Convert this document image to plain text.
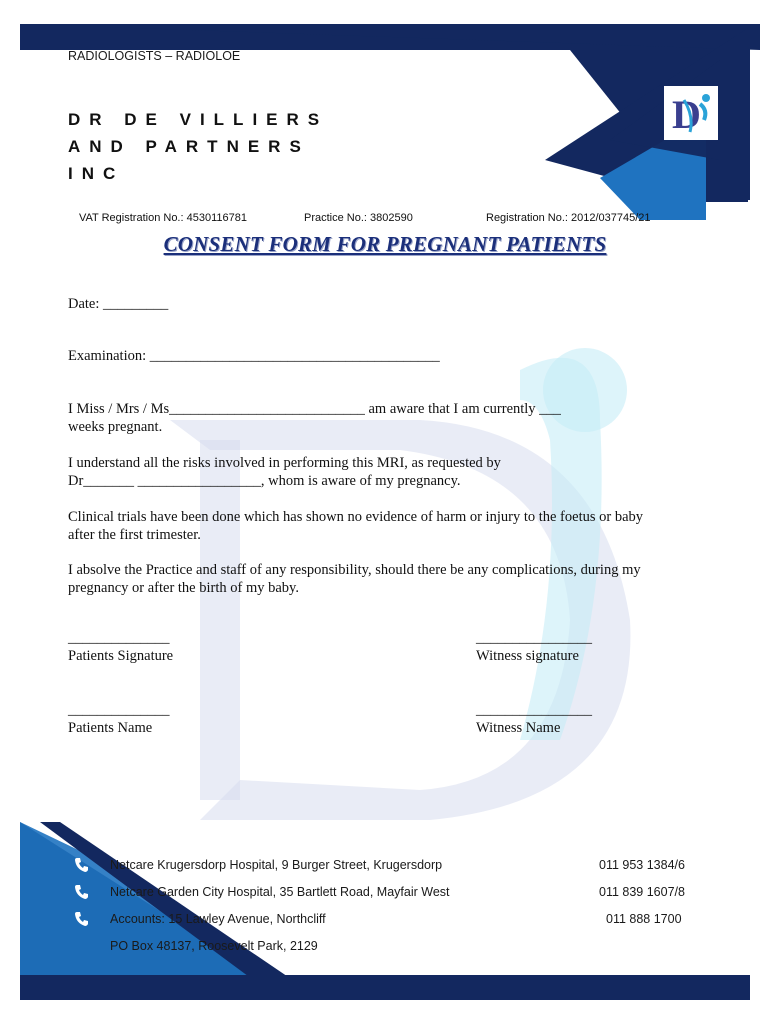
D
RADIOLOGISTS – RADIOLOE
DR DE VILLIERS
AND PARTNERS
INC
VAT Registration No.: 4530116781	Practice No.: 3802590	Registration No.: 2012/037745/21
CONSENT FORM FOR PREGNANT PATIENTS
Date: _________
Examination: ________________________________________
I Miss / Mrs / Ms___________________________ am aware that I am currently ___
weeks pregnant.
I understand all the risks involved in performing this MRI, as requested by
Dr_______ _________________, whom is aware of my pregnancy.
Clinical trials have been done which has shown no evidence of harm or injury to the foetus or baby after the first trimester.
I absolve the Practice and staff of any responsibility, should there be any complications, during my pregnancy or after the birth of my baby.
______________
Patients Signature
________________
Witness signature
______________
Patients Name
________________
Witness Name
Netcare Krugersdorp Hospital, 9 Burger Street, Krugersdorp
Netcare Garden City Hospital, 35 Bartlett Road, Mayfair West
Accounts: 15 Lawley Avenue, Northcliff
PO Box 48137, Roosevelt Park, 2129
011 953 1384/6
011 839 1607/8
011 888 1700
